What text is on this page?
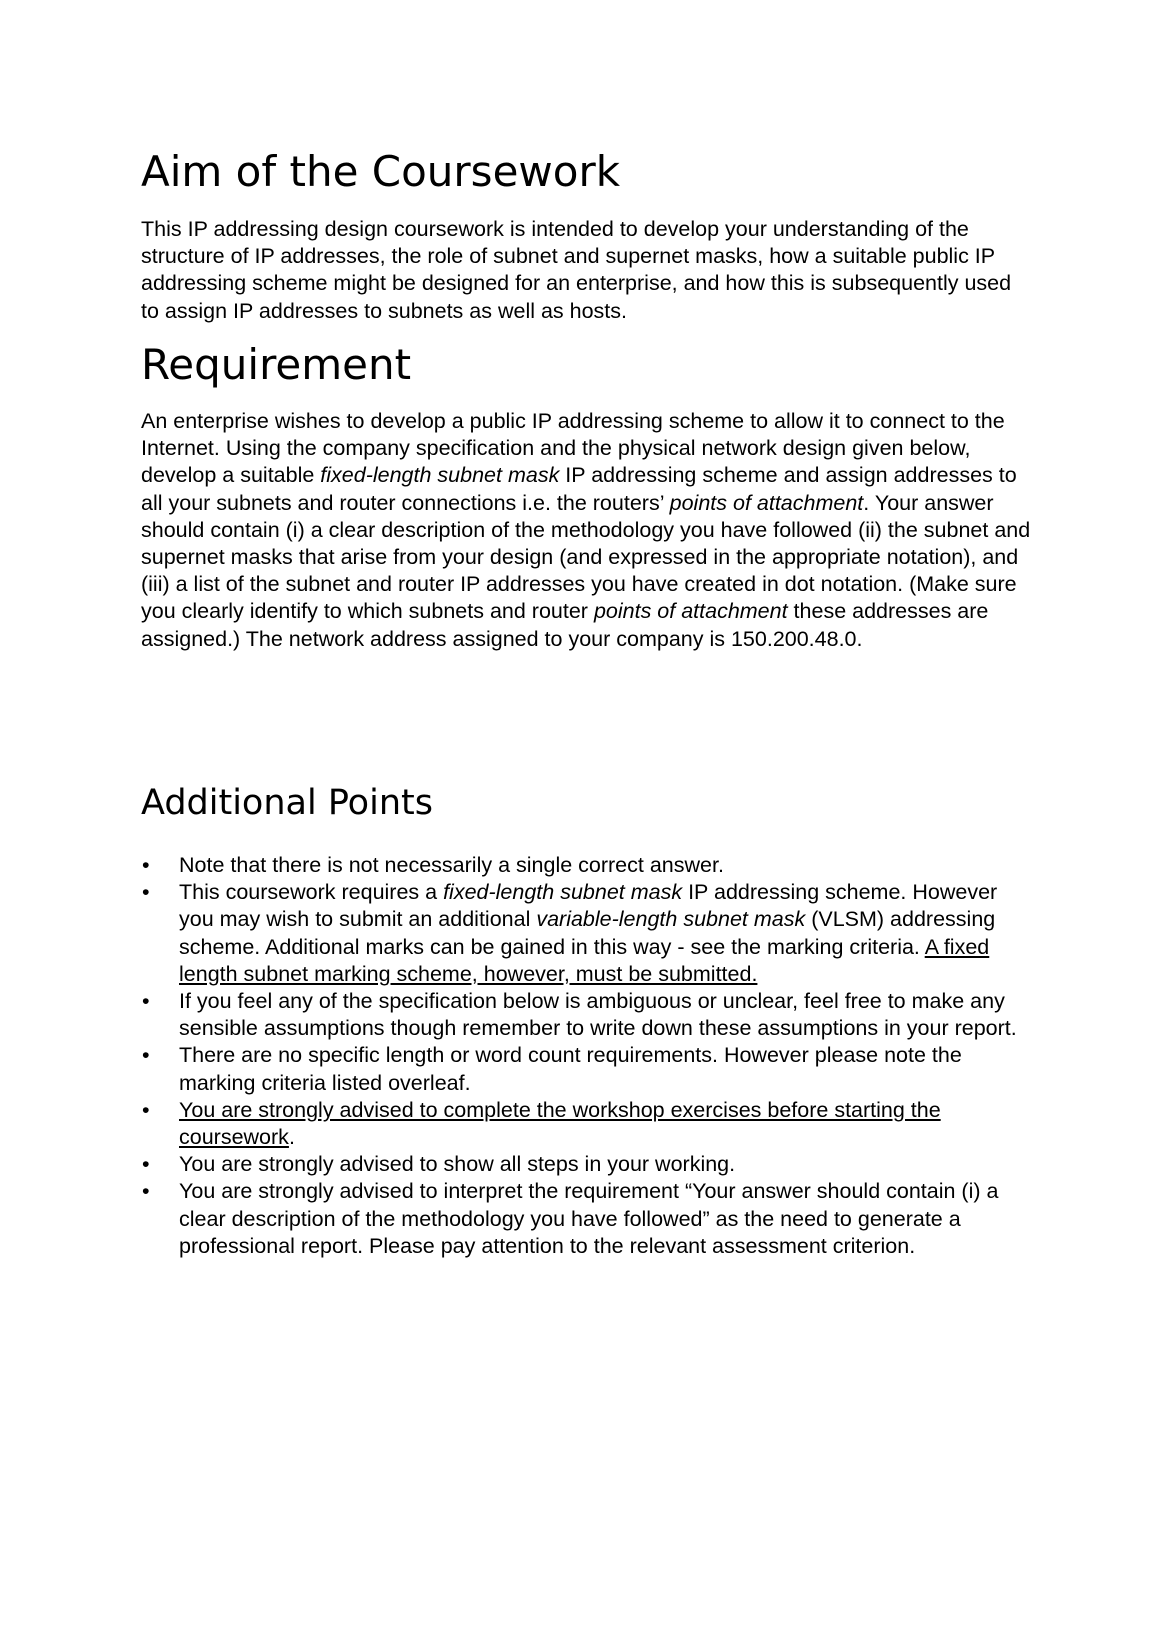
Aim of the Coursework

This IP addressing design coursework is intended to develop your understanding of the structure of IP addresses, the role of subnet and supernet masks, how a suitable public IP addressing scheme might be designed for an enterprise, and how this is subsequently used to assign IP addresses to subnets as well as hosts.

Requirement

An enterprise wishes to develop a public IP addressing scheme to allow it to connect to the Internet. Using the company specification and the physical network design given below, develop a suitable fixed-length subnet mask IP addressing scheme and assign addresses to all your subnets and router connections i.e. the routers’ points of attachment. Your answer should contain (i) a clear description of the methodology you have followed (ii) the subnet and supernet masks that arise from your design (and expressed in the appropriate notation), and (iii) a list of the subnet and router IP addresses you have created in dot notation. (Make sure you clearly identify to which subnets and router points of attachment these addresses are assigned.) The network address assigned to your company is 150.200.48.0.

Additional Points
•	Note that there is not necessarily a single correct answer.
•	This coursework requires a fixed-length subnet mask IP addressing scheme. However you may wish to submit an additional variable-length subnet mask (VLSM) addressing scheme. Additional marks can be gained in this way - see the marking criteria. A fixed length subnet marking scheme, however, must be submitted.
•	If you feel any of the specification below is ambiguous or unclear, feel free to make any sensible assumptions though remember to write down these assumptions in your report.
•	There are no specific length or word count requirements. However please note the marking criteria listed overleaf.
•	You are strongly advised to complete the workshop exercises before starting the coursework.
•	You are strongly advised to show all steps in your working.
•	You are strongly advised to interpret the requirement “Your answer should contain (i) a clear description of the methodology you have followed” as the need to generate a professional report. Please pay attention to the relevant assessment criterion.
